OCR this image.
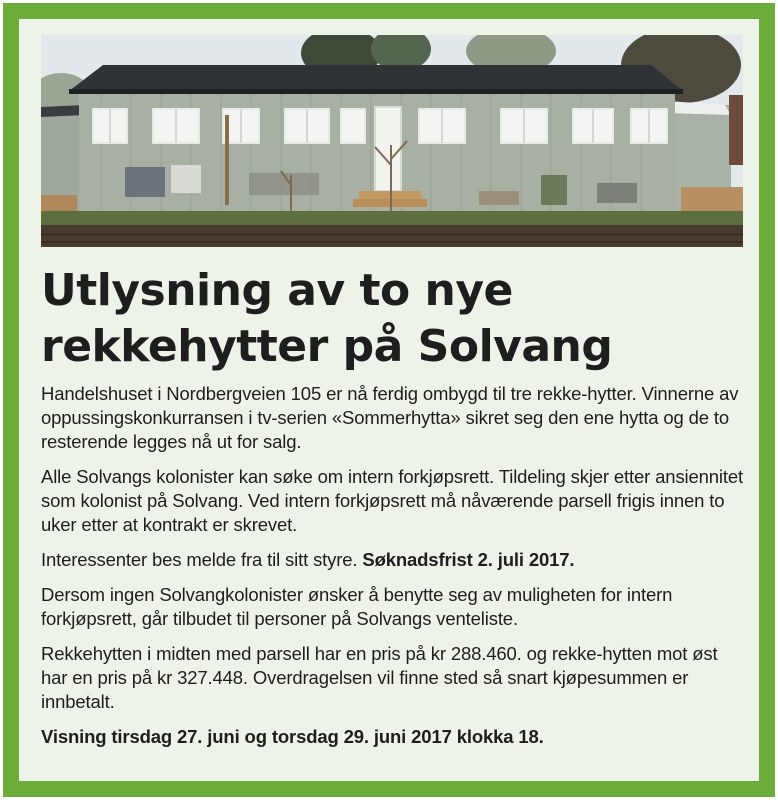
Utlysning av to nye
rekkehytter på Solvang

Handelshuset i Nordbergveien 105 er nå ferdig ombygd til tre rekke-hytter. Vinnerne av oppussingskonkurransen i tv-serien «Sommerhytta» sikret seg den ene hytta og de to resterende legges nå ut for salg.

Alle Solvangs kolonister kan søke om intern forkjøpsrett. Tildeling skjer etter ansiennitet som kolonist på Solvang. Ved intern forkjøpsrett må nåværende parsell frigis innen to uker etter at kontrakt er skrevet.

Interessenter bes melde fra til sitt styre. Søknadsfrist 2. juli 2017.

Dersom ingen Solvangkolonister ønsker å benytte seg av muligheten for intern forkjøpsrett, går tilbudet til personer på Solvangs venteliste.

Rekkehytten i midten med parsell har en pris på kr 288.460. og rekke-hytten mot øst har en pris på kr 327.448. Overdragelsen vil finne sted så snart kjøpesummen er innbetalt.

Visning tirsdag 27. juni og torsdag 29. juni 2017 klokka 18.
